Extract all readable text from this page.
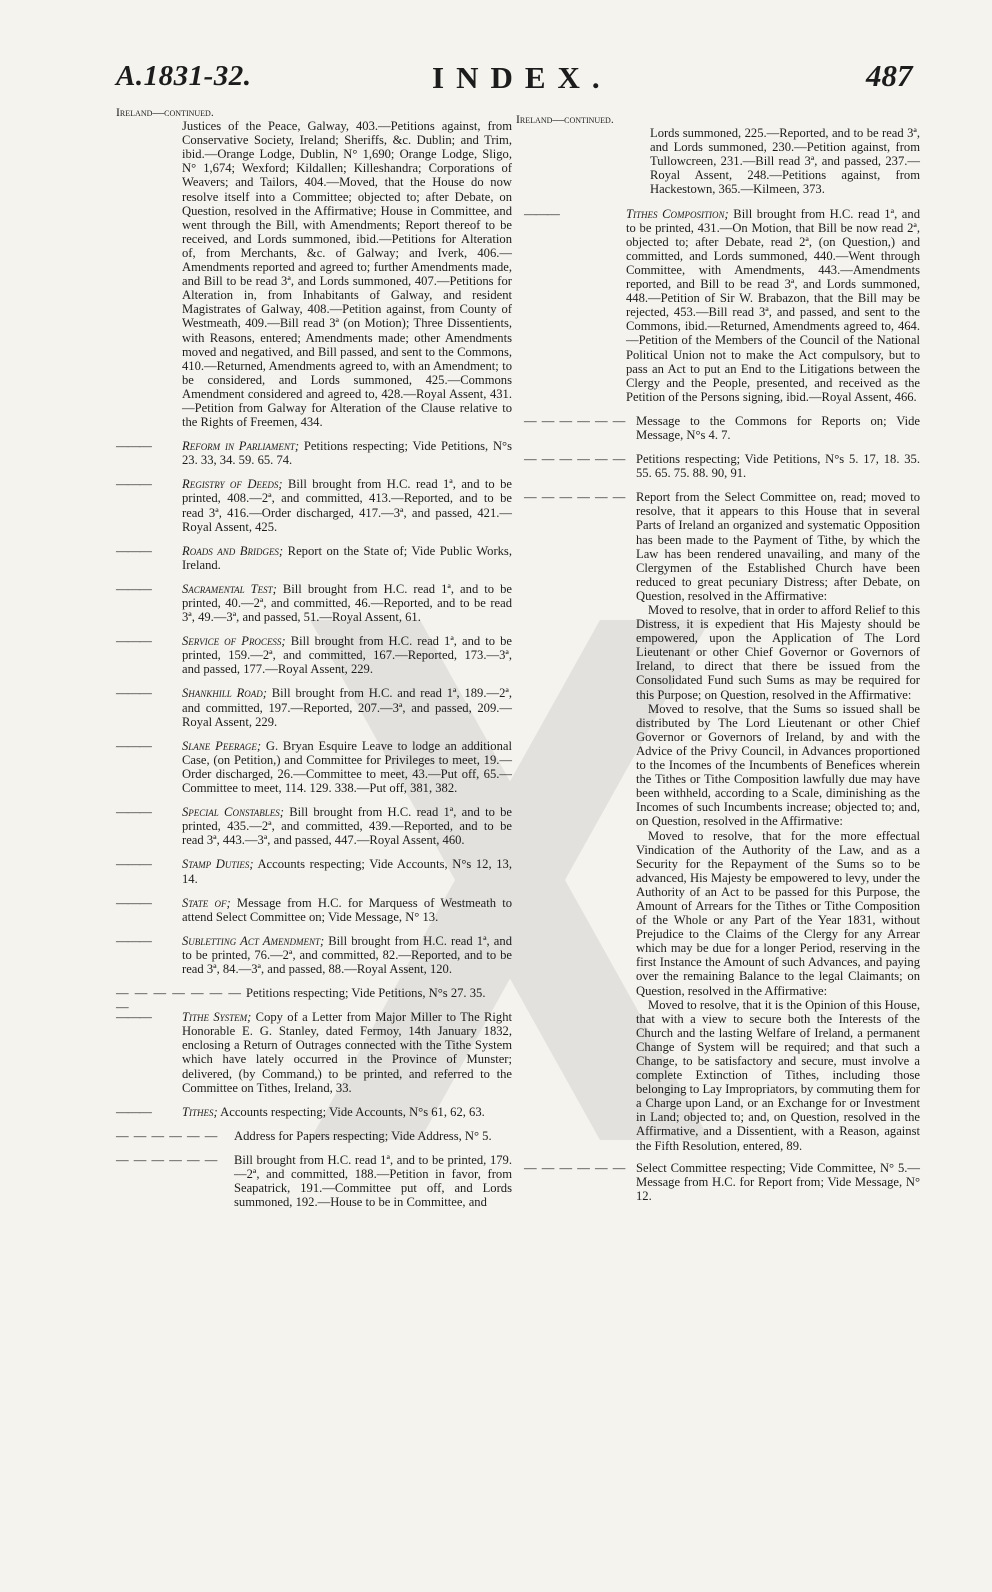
A.1831-32.	INDEX.	487
Ireland—continued.

Justices of the Peace, Galway, 403.—Petitions against, from Conservative Society, Ireland; Sheriffs, &c. Dublin; and Trim, ibid.—Orange Lodge, Dublin, N° 1,690; Orange Lodge, Sligo, N° 1,674; Wexford; Kildallen; Killeshandra; Corporations of Weavers; and Tailors, 404.—Moved, that the House do now resolve itself into a Committee; objected to; after Debate, on Question, resolved in the Affirmative; House in Committee, and went through the Bill, with Amendments; Report thereof to be received, and Lords summoned, ibid.—Petitions for Alteration of, from Merchants, &c. of Galway; and Iverk, 406.—Amendments reported and agreed to; further Amendments made, and Bill to be read 3ª, and Lords summoned, 407.—Petitions for Alteration in, from Inhabitants of Galway, and resident Magistrates of Galway, 408.—Petition against, from County of Westmeath, 409.—Bill read 3ª (on Motion); Three Dissentients, with Reasons, entered; Amendments made; other Amendments moved and negatived, and Bill passed, and sent to the Commons, 410.—Returned, Amendments agreed to, with an Amendment; to be considered, and Lords summoned, 425.—Commons Amendment considered and agreed to, 428.—Royal Assent, 431.—Petition from Galway for Alteration of the Clause relative to the Rights of Freemen, 434.

———	Reform in Parliament; Petitions respecting; Vide Petitions, N°s 23. 33, 34. 59. 65. 74.
———	Registry of Deeds; Bill brought from H.C. read 1ª, and to be printed, 408.—2ª, and committed, 413.—Reported, and to be read 3ª, 416.—Order discharged, 417.—3ª, and passed, 421.—Royal Assent, 425.
———	Roads and Bridges; Report on the State of; Vide Public Works, Ireland.
———	Sacramental Test; Bill brought from H.C. read 1ª, and to be printed, 40.—2ª, and committed, 46.—Reported, and to be read 3ª, 49.—3ª, and passed, 51.—Royal Assent, 61.
———	Service of Process; Bill brought from H.C. read 1ª, and to be printed, 159.—2ª, and committed, 167.—Reported, 173.—3ª, and passed, 177.—Royal Assent, 229.
———	Shankhill Road; Bill brought from H.C. and read 1ª, 189.—2ª, and committed, 197.—Reported, 207.—3ª, and passed, 209.—Royal Assent, 229.
———	Slane Peerage; G. Bryan Esquire Leave to lodge an additional Case, (on Petition,) and Committee for Privileges to meet, 19.—Order discharged, 26.—Committee to meet, 43.—Put off, 65.—Committee to meet, 114. 129. 338.—Put off, 381, 382.
———	Special Constables; Bill brought from H.C. read 1ª, and to be printed, 435.—2ª, and committed, 439.—Reported, and to be read 3ª, 443.—3ª, and passed, 447.—Royal Assent, 460.
———	Stamp Duties; Accounts respecting; Vide Accounts, N°s 12, 13, 14.
———	State of; Message from H.C. for Marquess of Westmeath to attend Select Committee on; Vide Message, N° 13.
———	Subletting Act Amendment; Bill brought from H.C. read 1ª, and to be printed, 76.—2ª, and committed, 82.—Reported, and to be read 3ª, 84.—3ª, and passed, 88.—Royal Assent, 120.
— — — — — — — —
Petitions respecting; Vide Petitions, N°s 27. 35.
———	Tithe System; Copy of a Letter from Major Miller to The Right Honorable E. G. Stanley, dated Fermoy, 14th January 1832, enclosing a Return of Outrages connected with the Tithe System which have lately occurred in the Province of Munster; delivered, (by Command,) to be printed, and referred to the Committee on Tithes, Ireland, 33.
———	Tithes; Accounts respecting; Vide Accounts, N°s 61, 62, 63.
— — — — — —	Address for Papers respecting; Vide Address, N° 5.
— — — — — —	Bill brought from H.C. read 1ª, and to be printed, 179.—2ª, and committed, 188.—Petition in favor, from Seapatrick, 191.—Committee put off, and Lords summoned, 192.—House to be in Committee, and
Ireland—continued.

Lords summoned, 225.—Reported, and to be read 3ª, and Lords summoned, 230.—Petition against, from Tullowcreen, 231.—Bill read 3ª, and passed, 237.—Royal Assent, 248.—Petitions against, from Hackestown, 365.—Kilmeen, 373.

———	Tithes Composition; Bill brought from H.C. read 1ª, and to be printed, 431.—On Motion, that Bill be now read 2ª, objected to; after Debate, read 2ª, (on Question,) and committed, and Lords summoned, 440.—Went through Committee, with Amendments, 443.—Amendments reported, and Bill to be read 3ª, and Lords summoned, 448.—Petition of Sir W. Brabazon, that the Bill may be rejected, 453.—Bill read 3ª, and passed, and sent to the Commons, ibid.—Returned, Amendments agreed to, 464.—Petition of the Members of the Council of the National Political Union not to make the Act compulsory, but to pass an Act to put an End to the Litigations between the Clergy and the People, presented, and received as the Petition of the Persons signing, ibid.—Royal Assent, 466.
— — — — — — Message to the Commons for Reports on; Vide Message, N°s 4. 7.
— — — — — — Petitions respecting; Vide Petitions, N°s 5. 17, 18. 35. 55. 65. 75. 88. 90, 91.
— — — — — — Report from the Select Committee on, read; moved to resolve, that it appears to this House that in several Parts of Ireland an organized and systematic Opposition has been made to the Payment of Tithe, by which the Law has been rendered unavailing, and many of the Clergymen of the Established Church have been reduced to great pecuniary Distress; after Debate, on Question, resolved in the Affirmative:

Moved to resolve, that in order to afford Relief to this Distress, it is expedient that His Majesty should be empowered, upon the Application of The Lord Lieutenant or other Chief Governor or Governors of Ireland, to direct that there be issued from the Consolidated Fund such Sums as may be required for this Purpose; on Question, resolved in the Affirmative:

Moved to resolve, that the Sums so issued shall be distributed by The Lord Lieutenant or other Chief Governor or Governors of Ireland, by and with the Advice of the Privy Council, in Advances proportioned to the Incomes of the Incumbents of Benefices wherein the Tithes or Tithe Composition lawfully due may have been withheld, according to a Scale, diminishing as the Incomes of such Incumbents increase; objected to; and, on Question, resolved in the Affirmative:

Moved to resolve, that for the more effectual Vindication of the Authority of the Law, and as a Security for the Repayment of the Sums so to be advanced, His Majesty be empowered to levy, under the Authority of an Act to be passed for this Purpose, the Amount of Arrears for the Tithes or Tithe Composition of the Whole or any Part of the Year 1831, without Prejudice to the Claims of the Clergy for any Arrear which may be due for a longer Period, reserving in the first Instance the Amount of such Advances, and paying over the remaining Balance to the legal Claimants; on Question, resolved in the Affirmative:

Moved to resolve, that it is the Opinion of this House, that with a view to secure both the Interests of the Church and the lasting Welfare of Ireland, a permanent Change of System will be required; and that such a Change, to be satisfactory and secure, must involve a complete Extinction of Tithes, including those belonging to Lay Impropriators, by commuting them for a Charge upon Land, or an Exchange for or Investment in Land; objected to; and, on Question, resolved in the Affirmative, and a Dissentient, with a Reason, against the Fifth Resolution, entered, 89.

— — — — — — Select Committee respecting; Vide Committee, N° 5.—Message from H.C. for Report from; Vide Message, N° 12.
